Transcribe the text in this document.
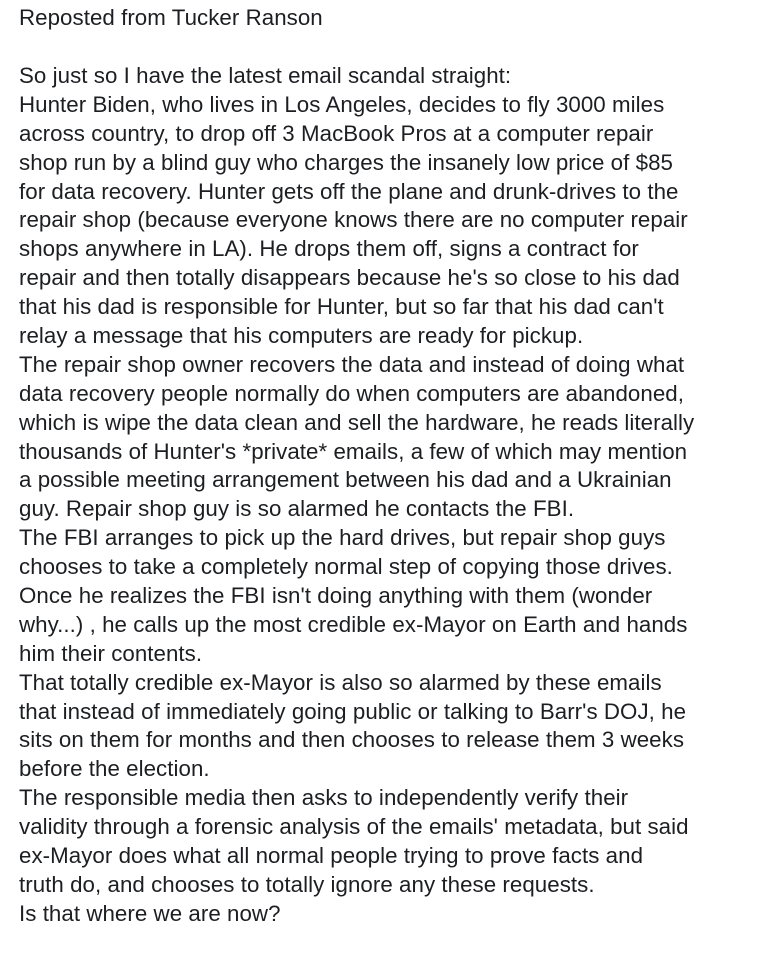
Reposted from Tucker Ranson
So just so I have the latest email scandal straight:
Hunter Biden, who lives in Los Angeles, decides to fly 3000 miles
across country, to drop off 3 MacBook Pros at a computer repair
shop run by a blind guy who charges the insanely low price of $85
for data recovery. Hunter gets off the plane and drunk-drives to the
repair shop (because everyone knows there are no computer repair
shops anywhere in LA). He drops them off, signs a contract for
repair and then totally disappears because he's so close to his dad
that his dad is responsible for Hunter, but so far that his dad can't
relay a message that his computers are ready for pickup.
The repair shop owner recovers the data and instead of doing what
data recovery people normally do when computers are abandoned,
which is wipe the data clean and sell the hardware, he reads literally
thousands of Hunter's *private* emails, a few of which may mention
a possible meeting arrangement between his dad and a Ukrainian
guy. Repair shop guy is so alarmed he contacts the FBI.
The FBI arranges to pick up the hard drives, but repair shop guys
chooses to take a completely normal step of copying those drives.
Once he realizes the FBI isn't doing anything with them (wonder
why...) , he calls up the most credible ex-Mayor on Earth and hands
him their contents.
That totally credible ex-Mayor is also so alarmed by these emails
that instead of immediately going public or talking to Barr's DOJ, he
sits on them for months and then chooses to release them 3 weeks
before the election.
The responsible media then asks to independently verify their
validity through a forensic analysis of the emails' metadata, but said
ex-Mayor does what all normal people trying to prove facts and
truth do, and chooses to totally ignore any these requests.
Is that where we are now?
